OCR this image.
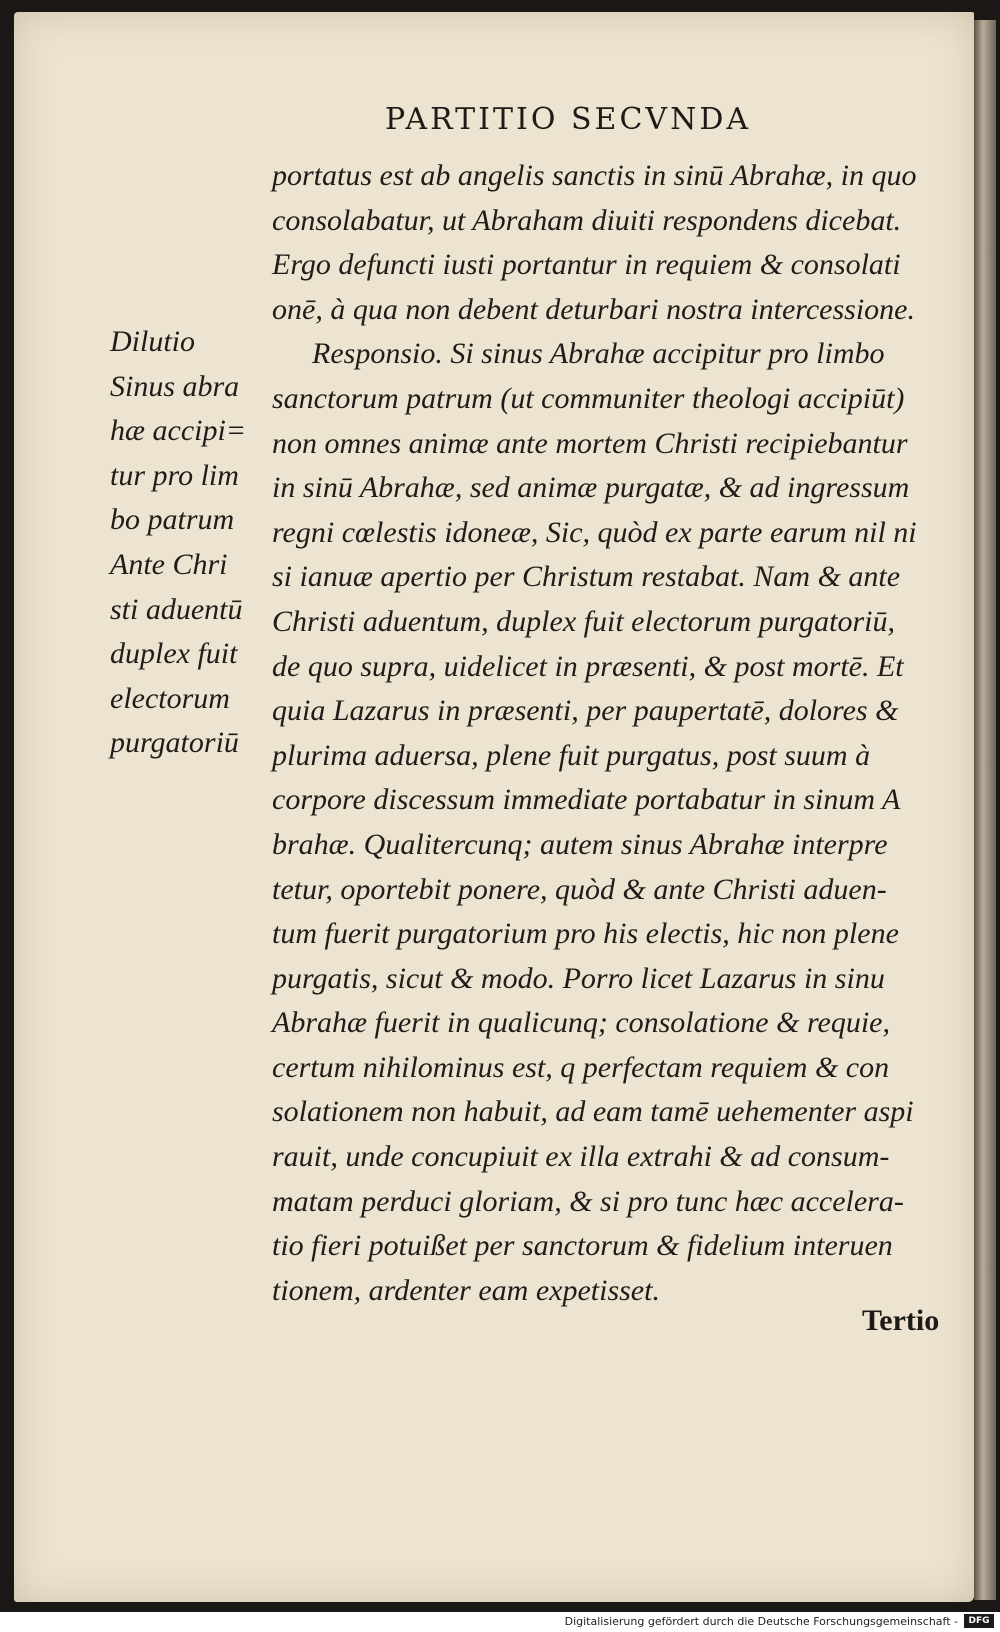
PARTITIO SECVNDA
portatus est ab angelis sanctis in sinū Abrahæ, in quo
consolabatur, ut Abraham diuiti respondens dicebat.
Ergo defuncti iusti portantur in requiem & consolati
onē, à qua non debent deturbari nostra intercessione.
Responsio. Si sinus Abrahæ accipitur pro limbo
sanctorum patrum (ut communiter theologi accipiūt)
non omnes animæ ante mortem Christi recipiebantur
in sinū Abrahæ, sed animæ purgatæ, & ad ingressum
regni cœlestis idoneæ, Sic, quòd ex parte earum nil ni
si ianuæ apertio per Christum restabat. Nam & ante
Christi aduentum, duplex fuit electorum purgatoriū,
de quo supra, uidelicet in præsenti, & post mortē. Et
quia Lazarus in præsenti, per paupertatē, dolores &
plurima aduersa, plene fuit purgatus, post suum à
corpore discessum immediate portabatur in sinum A
brahæ. Qualitercunq; autem sinus Abrahæ interpre
tetur, oportebit ponere, quòd & ante Christi aduen-
tum fuerit purgatorium pro his electis, hic non plene
purgatis, sicut & modo. Porro licet Lazarus in sinu
Abrahæ fuerit in qualicunq; consolatione & requie,
certum nihilominus est, q perfectam requiem & con
solationem non habuit, ad eam tamē uehementer aspi
rauit, unde concupiuit ex illa extrahi & ad consum-
matam perduci gloriam, & si pro tunc hæc accelera-
tio fieri potuißet per sanctorum & fidelium interuen
tionem, ardenter eam expetisset.
Dilutio
Sinus abra
hæ accipi=
tur pro lim
bo patrum
Ante Chri
sti aduentū
duplex fuit
electorum
purgatoriū
Tertio
Digitalisierung gefördert durch die Deutsche Forschungsgemeinschaft -	DFG
